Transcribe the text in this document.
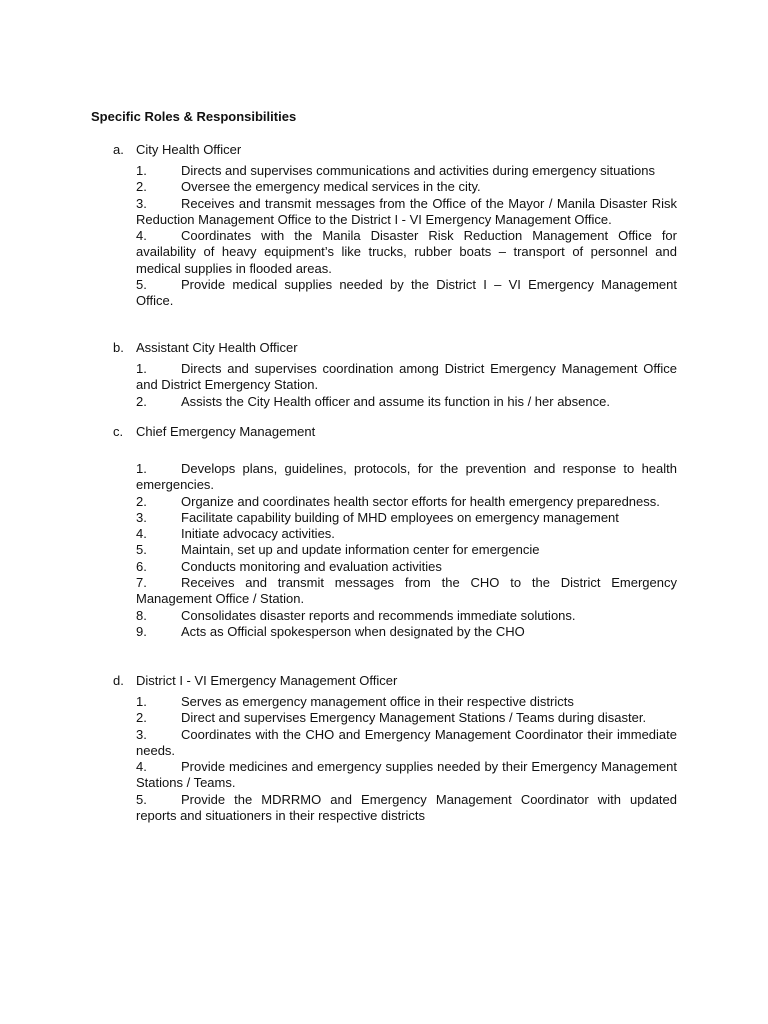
Specific Roles & Responsibilities
a. City Health Officer
1.	Directs and supervises communications and activities during emergency situations
2.	Oversee the emergency medical services in the city.
3.	Receives and transmit messages from the Office of the Mayor / Manila Disaster Risk Reduction Management Office to the District I - VI Emergency Management Office.
4.	Coordinates with the Manila Disaster Risk Reduction Management Office for availability of heavy equipment’s like trucks, rubber boats – transport of personnel and medical supplies in flooded areas.
5.	Provide medical supplies needed by the District I – VI Emergency Management Office.
b. Assistant City Health Officer
1.	Directs and supervises coordination among District Emergency Management Office and District Emergency Station.
2.	Assists the City Health officer and assume its function in his / her absence.
c. Chief Emergency Management
1.	Develops plans, guidelines, protocols, for the prevention and response to health emergencies.
2.	Organize and coordinates health sector efforts for health emergency preparedness.
3.	Facilitate capability building of MHD employees on emergency management
4.	Initiate advocacy activities.
5.	Maintain, set up and update information center for emergencie
6.	Conducts monitoring and evaluation activities
7.	Receives and transmit messages from the CHO to the District Emergency Management Office / Station.
8.	Consolidates disaster reports and recommends immediate solutions.
9.	Acts as Official spokesperson when designated by the CHO
d. District I - VI Emergency Management Officer
1.	Serves as emergency management office in their respective districts
2.	Direct and supervises Emergency Management Stations / Teams during disaster.
3.	Coordinates with the CHO and Emergency Management Coordinator their immediate needs.
4.	Provide medicines and emergency supplies needed by their Emergency Management Stations / Teams.
5.	Provide the MDRRMO and Emergency Management Coordinator with updated reports and situationers in their respective districts
